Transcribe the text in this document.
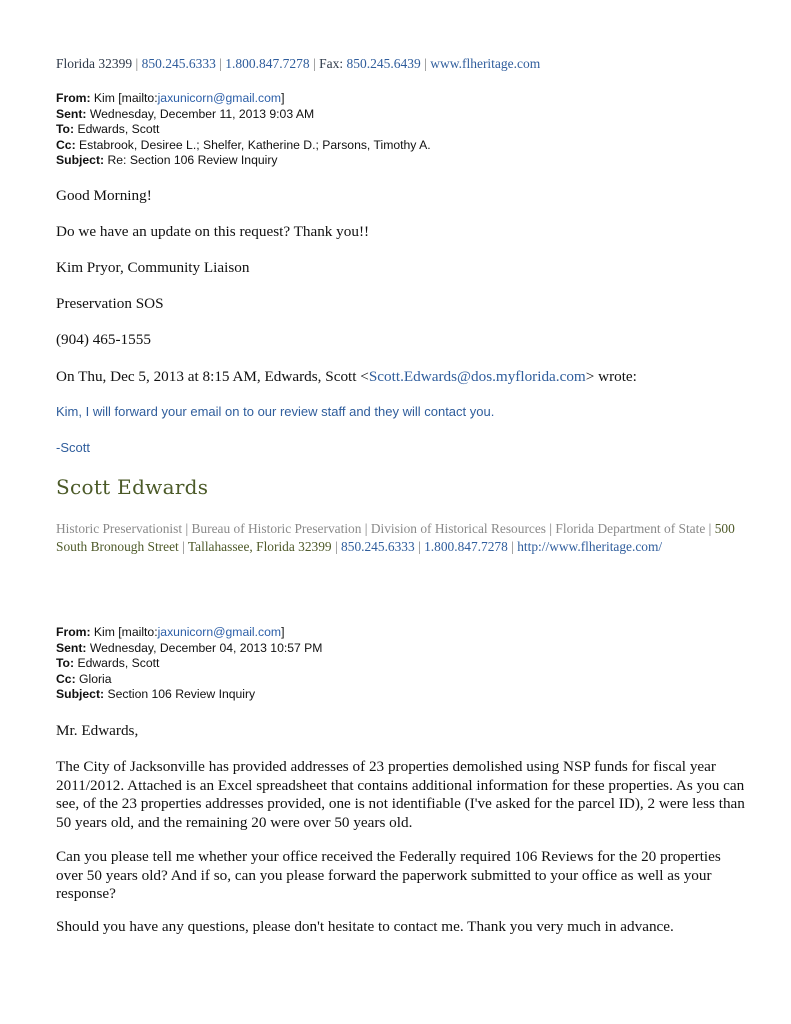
Florida 32399 | 850.245.6333 | 1.800.847.7278 | Fax: 850.245.6439 | www.flheritage.com
From: Kim [mailto:jaxunicorn@gmail.com]
Sent: Wednesday, December 11, 2013 9:03 AM
To: Edwards, Scott
Cc: Estabrook, Desiree L.; Shelfer, Katherine D.; Parsons, Timothy A.
Subject: Re: Section 106 Review Inquiry
Good Morning!
Do we have an update on this request? Thank you!!
Kim Pryor, Community Liaison
Preservation SOS
(904) 465-1555
On Thu, Dec 5, 2013 at 8:15 AM, Edwards, Scott <Scott.Edwards@dos.myflorida.com> wrote:
Kim, I will forward your email on to our review staff and they will contact you.
-Scott
Scott Edwards
Historic Preservationist | Bureau of Historic Preservation | Division of Historical Resources | Florida Department of State | 500 South Bronough Street | Tallahassee, Florida 32399 | 850.245.6333 | 1.800.847.7278 | http://www.flheritage.com/
From: Kim [mailto:jaxunicorn@gmail.com]
Sent: Wednesday, December 04, 2013 10:57 PM
To: Edwards, Scott
Cc: Gloria
Subject: Section 106 Review Inquiry
Mr. Edwards,
The City of Jacksonville has provided addresses of 23 properties demolished using NSP funds for fiscal year 2011/2012. Attached is an Excel spreadsheet that contains additional information for these properties. As you can see, of the 23 properties addresses provided, one is not identifiable (I've asked for the parcel ID), 2 were less than 50 years old, and the remaining 20 were over 50 years old.
Can you please tell me whether your office received the Federally required 106 Reviews for the 20 properties over 50 years old? And if so, can you please forward the paperwork submitted to your office as well as your response?
Should you have any questions, please don't hesitate to contact me. Thank you very much in advance.
